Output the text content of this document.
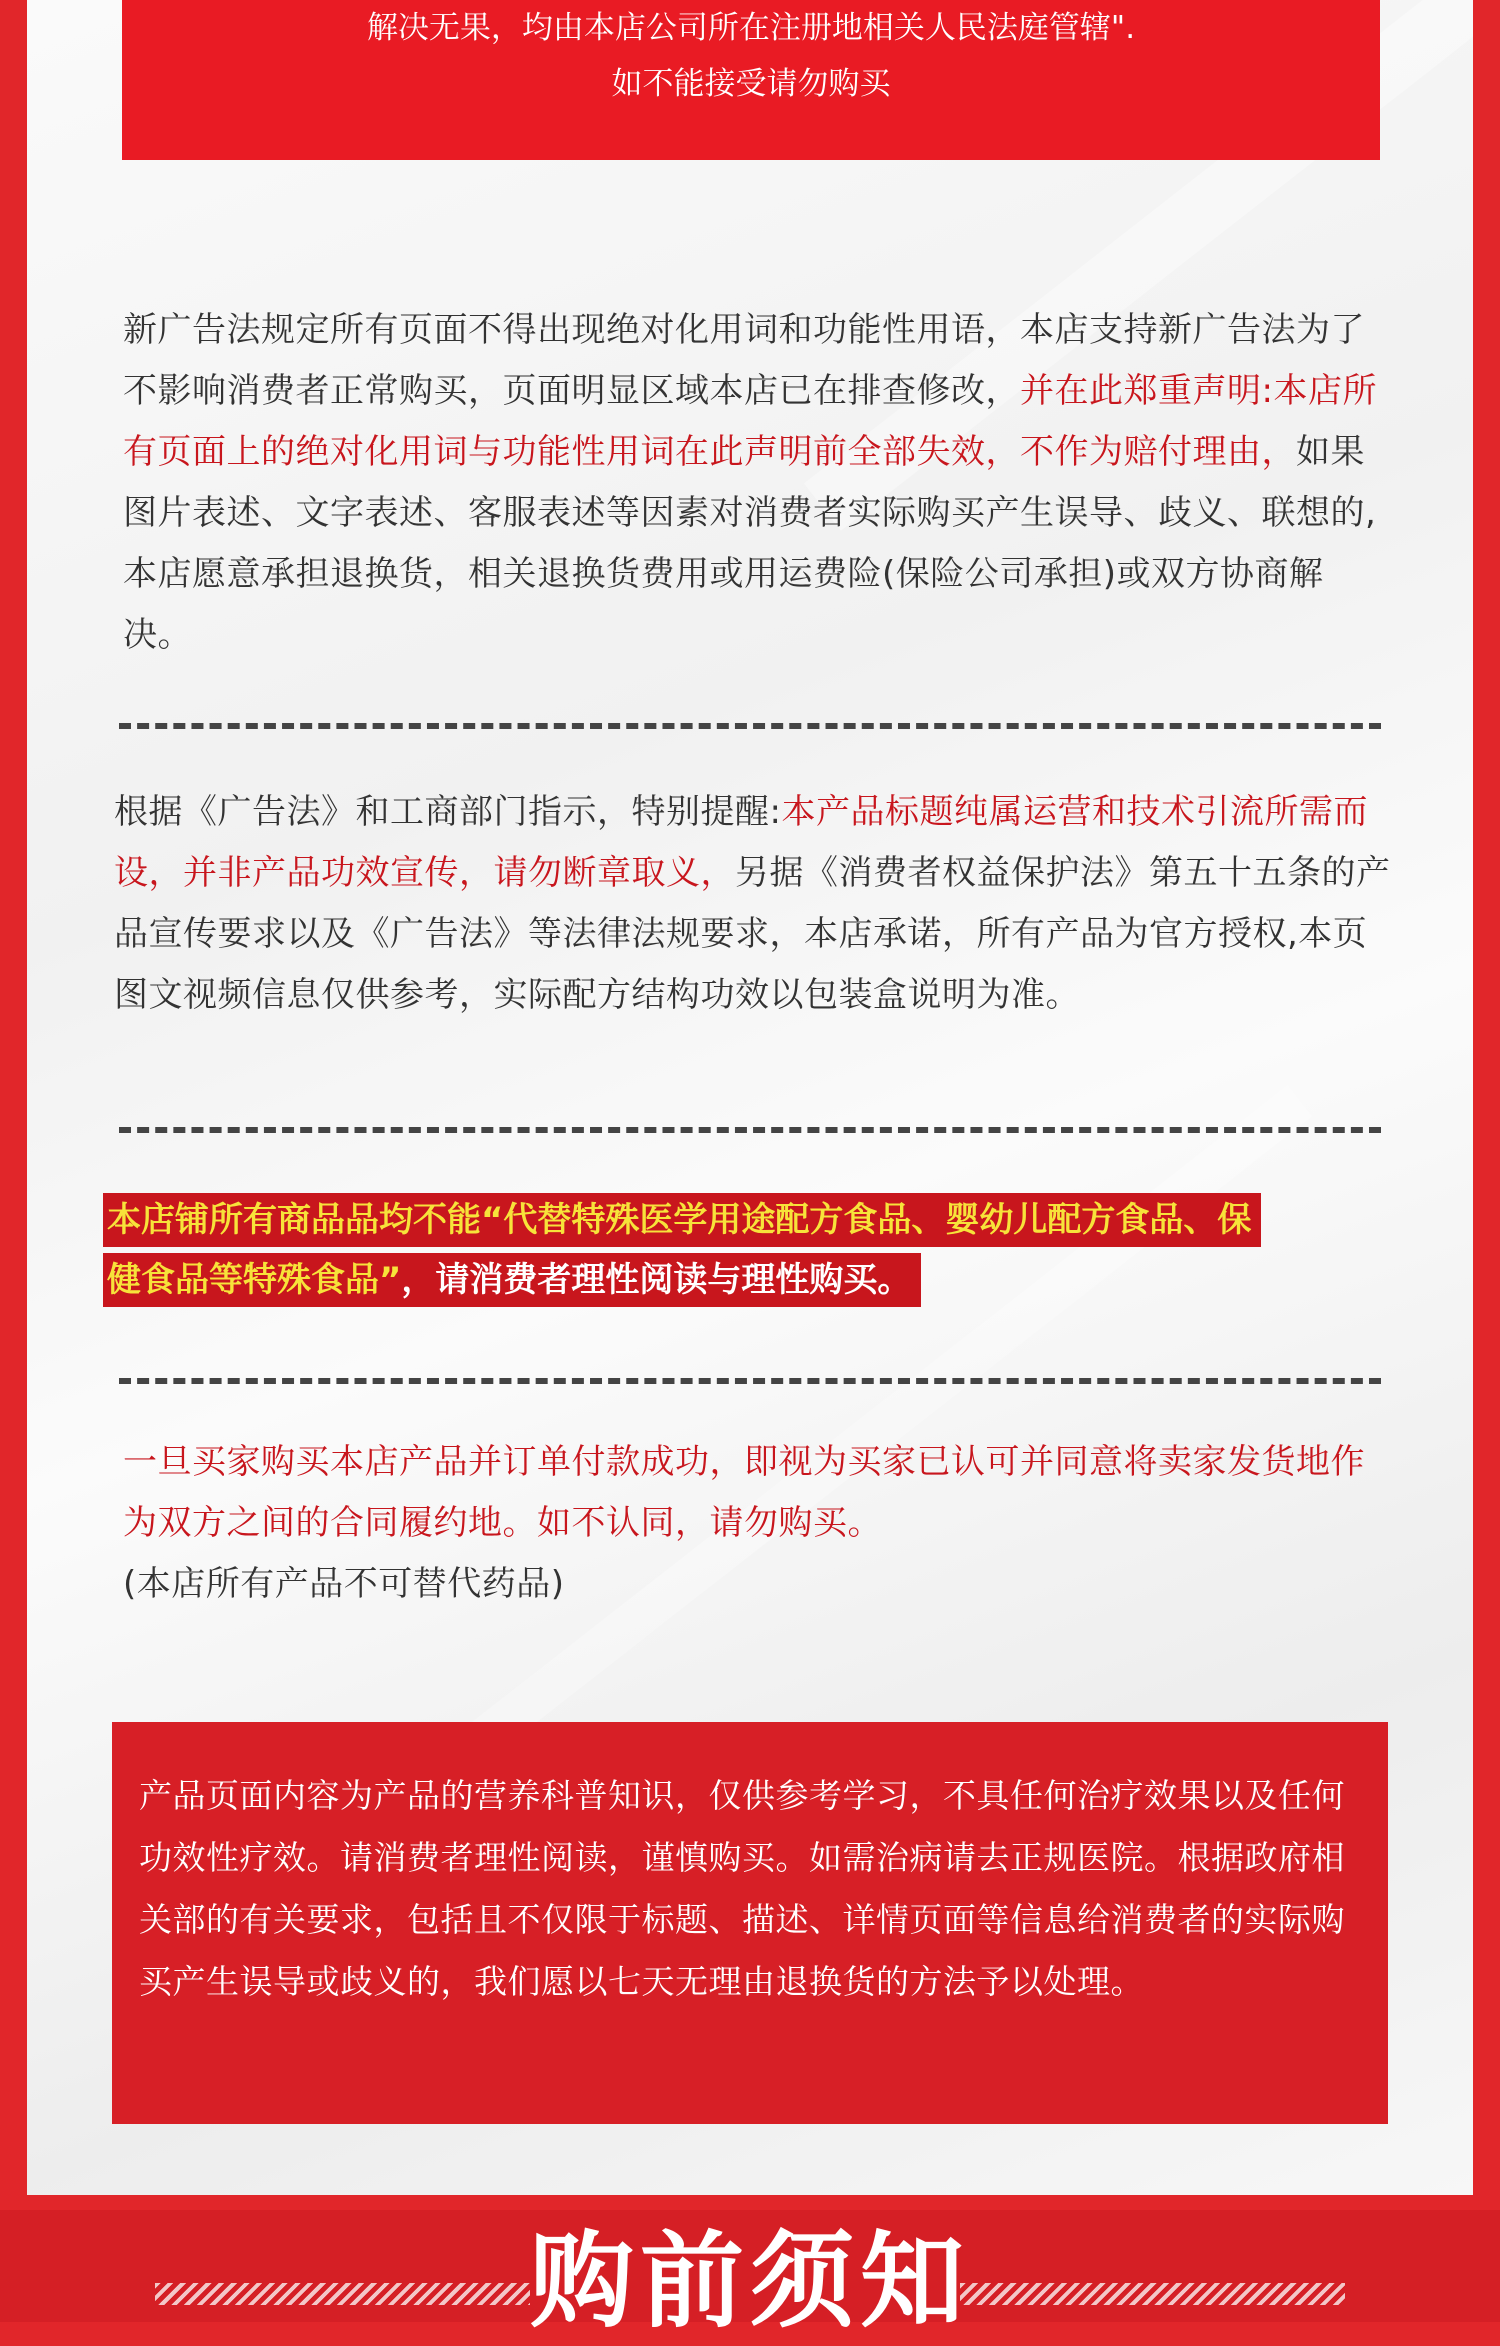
解决无果，均由本店公司所在注册地相关人民法庭管辖".
如不能接受请勿购买
新广告法规定所有页面不得出现绝对化用词和功能性用语，本店支持新广告法为了不影响消费者正常购买，页面明显区域本店已在排查修改，并在此郑重声明:本店所有页面上的绝对化用词与功能性用词在此声明前全部失效，不作为赔付理由，如果图片表述、文字表述、客服表述等因素对消费者实际购买产生误导、歧义、联想的,本店愿意承担退换货，相关退换货费用或用运费险(保险公司承担)或双方协商解决。
根据《广告法》和工商部门指示，特别提醒:本产品标题纯属运营和技术引流所需而设，并非产品功效宣传，请勿断章取义，另据《消费者权益保护法》第五十五条的产品宣传要求以及《广告法》等法律法规要求，本店承诺，所有产品为官方授权,本页图文视频信息仅供参考，实际配方结构功效以包装盒说明为准。
本店铺所有商品品均不能“代替特殊医学用途配方食品、婴幼儿配方食品、保
健食品等特殊食品”，请消费者理性阅读与理性购买。
一旦买家购买本店产品并订单付款成功，即视为买家已认可并同意将卖家发货地作为双方之间的合同履约地。如不认同，请勿购买。
(本店所有产品不可替代药品)
产品页面内容为产品的营养科普知识，仅供参考学习，不具任何治疗效果以及任何功效性疗效。请消费者理性阅读，谨慎购买。如需治病请去正规医院。根据政府相关部的有关要求，包括且不仅限于标题、描述、详情页面等信息给消费者的实际购买产生误导或歧义的，我们愿以七天无理由退换货的方法予以处理。
购前须知
